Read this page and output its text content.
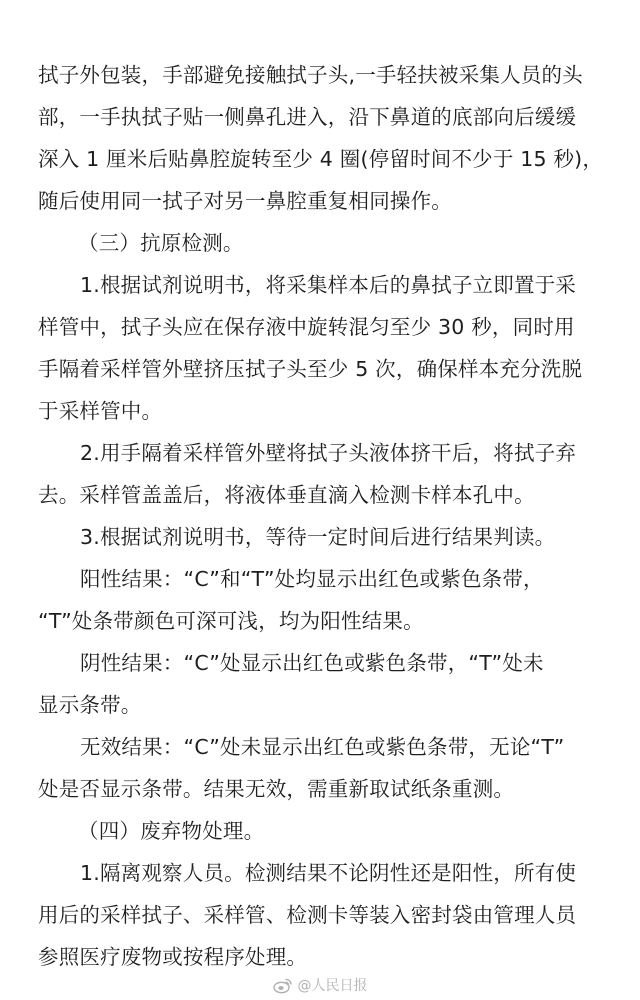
拭子外包装，手部避免接触拭子头,一手轻扶被采集人员的头
部，一手执拭子贴一侧鼻孔进入，沿下鼻道的底部向后缓缓
深入 1 厘米后贴鼻腔旋转至少 4 圈(停留时间不少于 15 秒)，
随后使用同一拭子对另一鼻腔重复相同操作。
（三）抗原检测。
1.根据试剂说明书，将采集样本后的鼻拭子立即置于采
样管中，拭子头应在保存液中旋转混匀至少 30 秒，同时用
手隔着采样管外壁挤压拭子头至少 5 次，确保样本充分洗脱
于采样管中。
2.用手隔着采样管外壁将拭子头液体挤干后，将拭子弃
去。采样管盖盖后，将液体垂直滴入检测卡样本孔中。
3.根据试剂说明书，等待一定时间后进行结果判读。
阳性结果：“C”和“T”处均显示出红色或紫色条带，
“T”处条带颜色可深可浅，均为阳性结果。
阴性结果：“C”处显示出红色或紫色条带，“T”处未
显示条带。
无效结果：“C”处未显示出红色或紫色条带，无论“T”
处是否显示条带。结果无效，需重新取试纸条重测。
（四）废弃物处理。
1.隔离观察人员。检测结果不论阴性还是阳性，所有使
用后的采样拭子、采样管、检测卡等装入密封袋由管理人员
参照医疗废物或按程序处理。
@人民日报
